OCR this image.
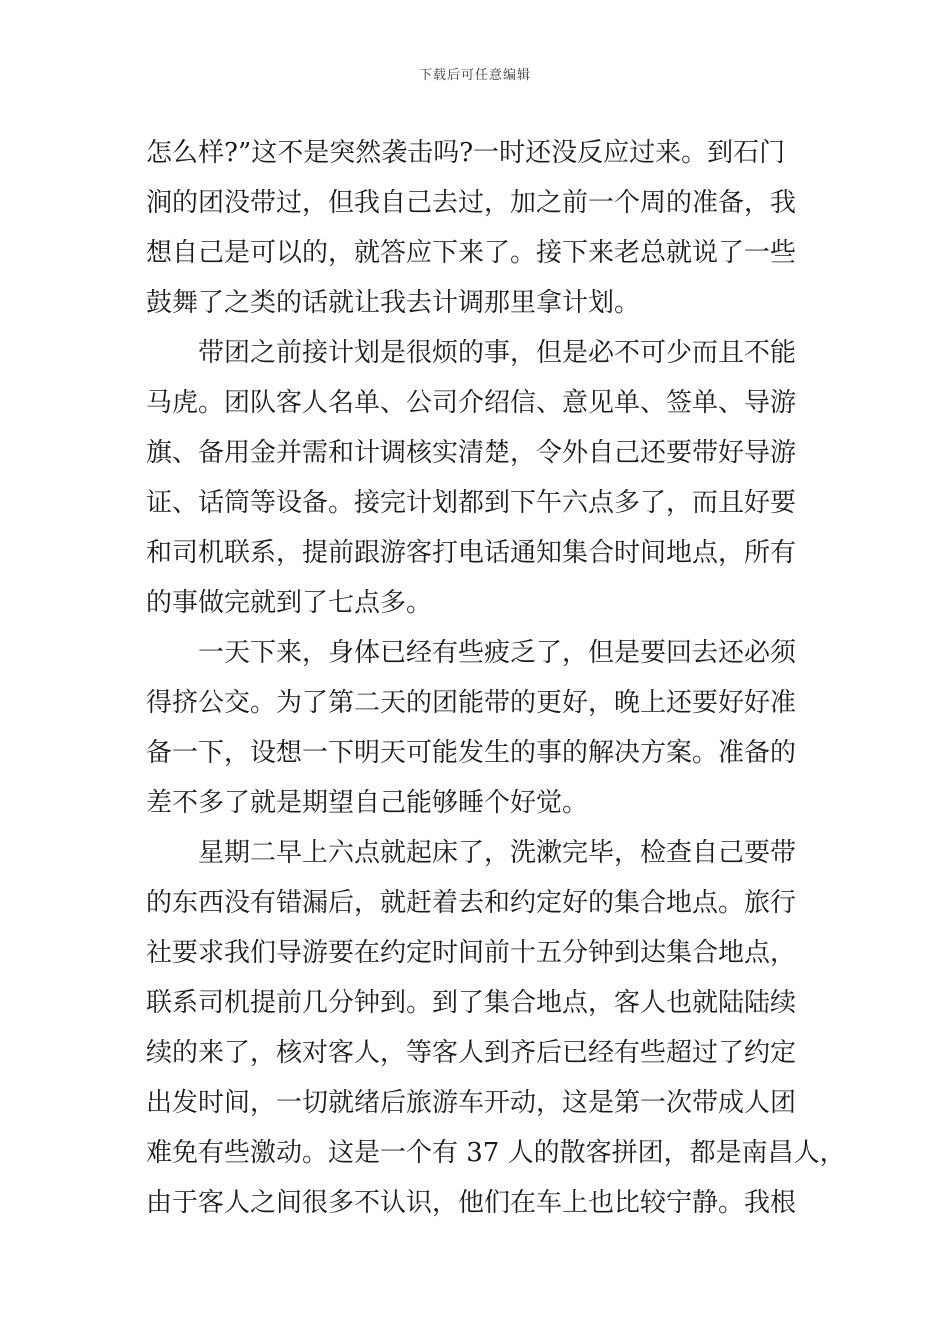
下载后可任意编辑
怎么样?”这不是突然袭击吗?一时还没反应过来。到石门
涧的团没带过，但我自己去过，加之前一个周的准备，我
想自己是可以的，就答应下来了。接下来老总就说了一些
鼓舞了之类的话就让我去计调那里拿计划。
带团之前接计划是很烦的事，但是必不可少而且不能
马虎。团队客人名单、公司介绍信、意见单、签单、导游
旗、备用金并需和计调核实清楚，令外自己还要带好导游
证、话筒等设备。接完计划都到下午六点多了，而且好要
和司机联系，提前跟游客打电话通知集合时间地点，所有
的事做完就到了七点多。
一天下来，身体已经有些疲乏了，但是要回去还必须
得挤公交。为了第二天的团能带的更好，晚上还要好好准
备一下，设想一下明天可能发生的事的解决方案。准备的
差不多了就是期望自己能够睡个好觉。
星期二早上六点就起床了，洗漱完毕，检查自己要带
的东西没有错漏后，就赶着去和约定好的集合地点。旅行
社要求我们导游要在约定时间前十五分钟到达集合地点，
联系司机提前几分钟到。到了集合地点，客人也就陆陆续
续的来了，核对客人，等客人到齐后已经有些超过了约定
出发时间，一切就绪后旅游车开动，这是第一次带成人团
难免有些激动。这是一个有 37 人的散客拼团，都是南昌人，
由于客人之间很多不认识，他们在车上也比较宁静。我根
